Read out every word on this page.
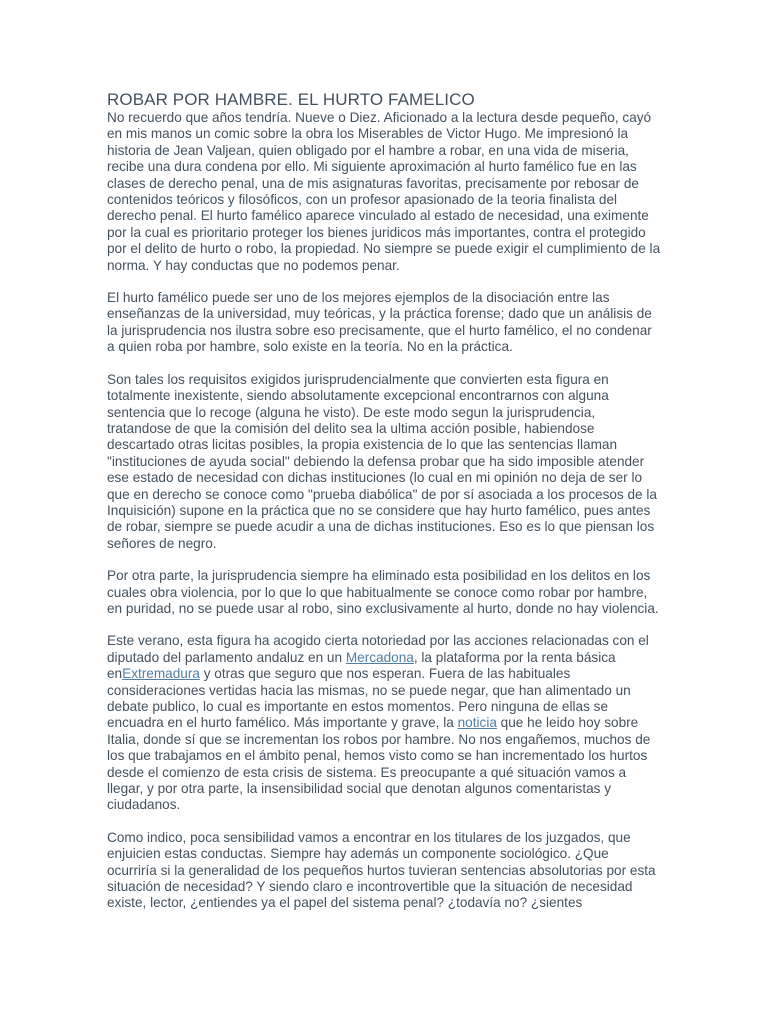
ROBAR POR HAMBRE. EL HURTO FAMELICO

No recuerdo que años tendría. Nueve o Diez. Aficionado a la lectura desde pequeño, cayó en mis manos un comic sobre la obra los Miserables de Victor Hugo. Me impresionó la historia de Jean Valjean, quien obligado por el hambre a robar, en una vida de miseria, recibe una dura condena por ello. Mi siguiente aproximación al hurto famélico fue en las clases de derecho penal, una de mis asignaturas favoritas, precisamente por rebosar de contenidos teóricos y filosóficos, con un profesor apasionado de la teoria finalista del derecho penal. El hurto famélico aparece vinculado al estado de necesidad, una eximente por la cual es prioritario proteger los bienes juridicos más importantes, contra el protegido por el delito de hurto o robo, la propiedad. No siempre se puede exigir el cumplimiento de la norma. Y hay conductas que no podemos penar.

El hurto famélico puede ser uno de los mejores ejemplos de la disociación entre las enseñanzas de la universidad, muy teóricas, y la práctica forense; dado que un análisis de la jurisprudencia nos ilustra sobre eso precisamente, que el hurto famélico, el no condenar a quien roba por hambre, solo existe en la teoría. No en la práctica.

Son tales los requisitos exigidos jurisprudencialmente que convierten esta figura en totalmente inexistente, siendo absolutamente excepcional encontrarnos con alguna sentencia que lo recoge (alguna he visto). De este modo segun la jurisprudencia, tratandose de que la comisión del delito sea la ultima acción posible, habiendose descartado otras licitas posibles, la propia existencia de lo que las sentencias llaman "instituciones de ayuda social" debiendo la defensa probar que ha sido imposible atender ese estado de necesidad con dichas instituciones (lo cual en mi opinión no deja de ser lo que en derecho se conoce como "prueba diabólica" de por sí asociada a los procesos de la Inquisición) supone en la práctica que no se considere que hay hurto famélico, pues antes de robar, siempre se puede acudir a una de dichas instituciones. Eso es lo que piensan los señores de negro.

Por otra parte, la jurisprudencia siempre ha eliminado esta posibilidad en los delitos en los cuales obra violencia, por lo que lo que habitualmente se conoce como robar por hambre, en puridad, no se puede usar al robo, sino exclusivamente al hurto, donde no hay violencia.

Este verano, esta figura ha acogido cierta notoriedad por las acciones relacionadas con el diputado del parlamento andaluz en un Mercadona, la plataforma por la renta básica enExtremadura y otras que seguro que nos esperan. Fuera de las habituales consideraciones vertidas hacia las mismas, no se puede negar, que han alimentado un debate publico, lo cual es importante en estos momentos. Pero ninguna de ellas se encuadra en el hurto famélico. Más importante y grave, la noticia que he leido hoy sobre Italia, donde sí que se incrementan los robos por hambre. No nos engañemos, muchos de los que trabajamos en el ámbito penal, hemos visto como se han incrementado los hurtos desde el comienzo de esta crisis de sistema. Es preocupante a qué situación vamos a llegar, y por otra parte, la insensibilidad social que denotan algunos comentaristas y ciudadanos.

Como indico, poca sensibilidad vamos a encontrar en los titulares de los juzgados, que enjuicien estas conductas. Siempre hay además un componente sociológico. ¿Que ocurriría si la generalidad de los pequeños hurtos tuvieran sentencias absolutorias por esta situación de necesidad? Y siendo claro e incontrovertible que la situación de necesidad existe, lector, ¿entiendes ya el papel del sistema penal? ¿todavía no? ¿sientes
